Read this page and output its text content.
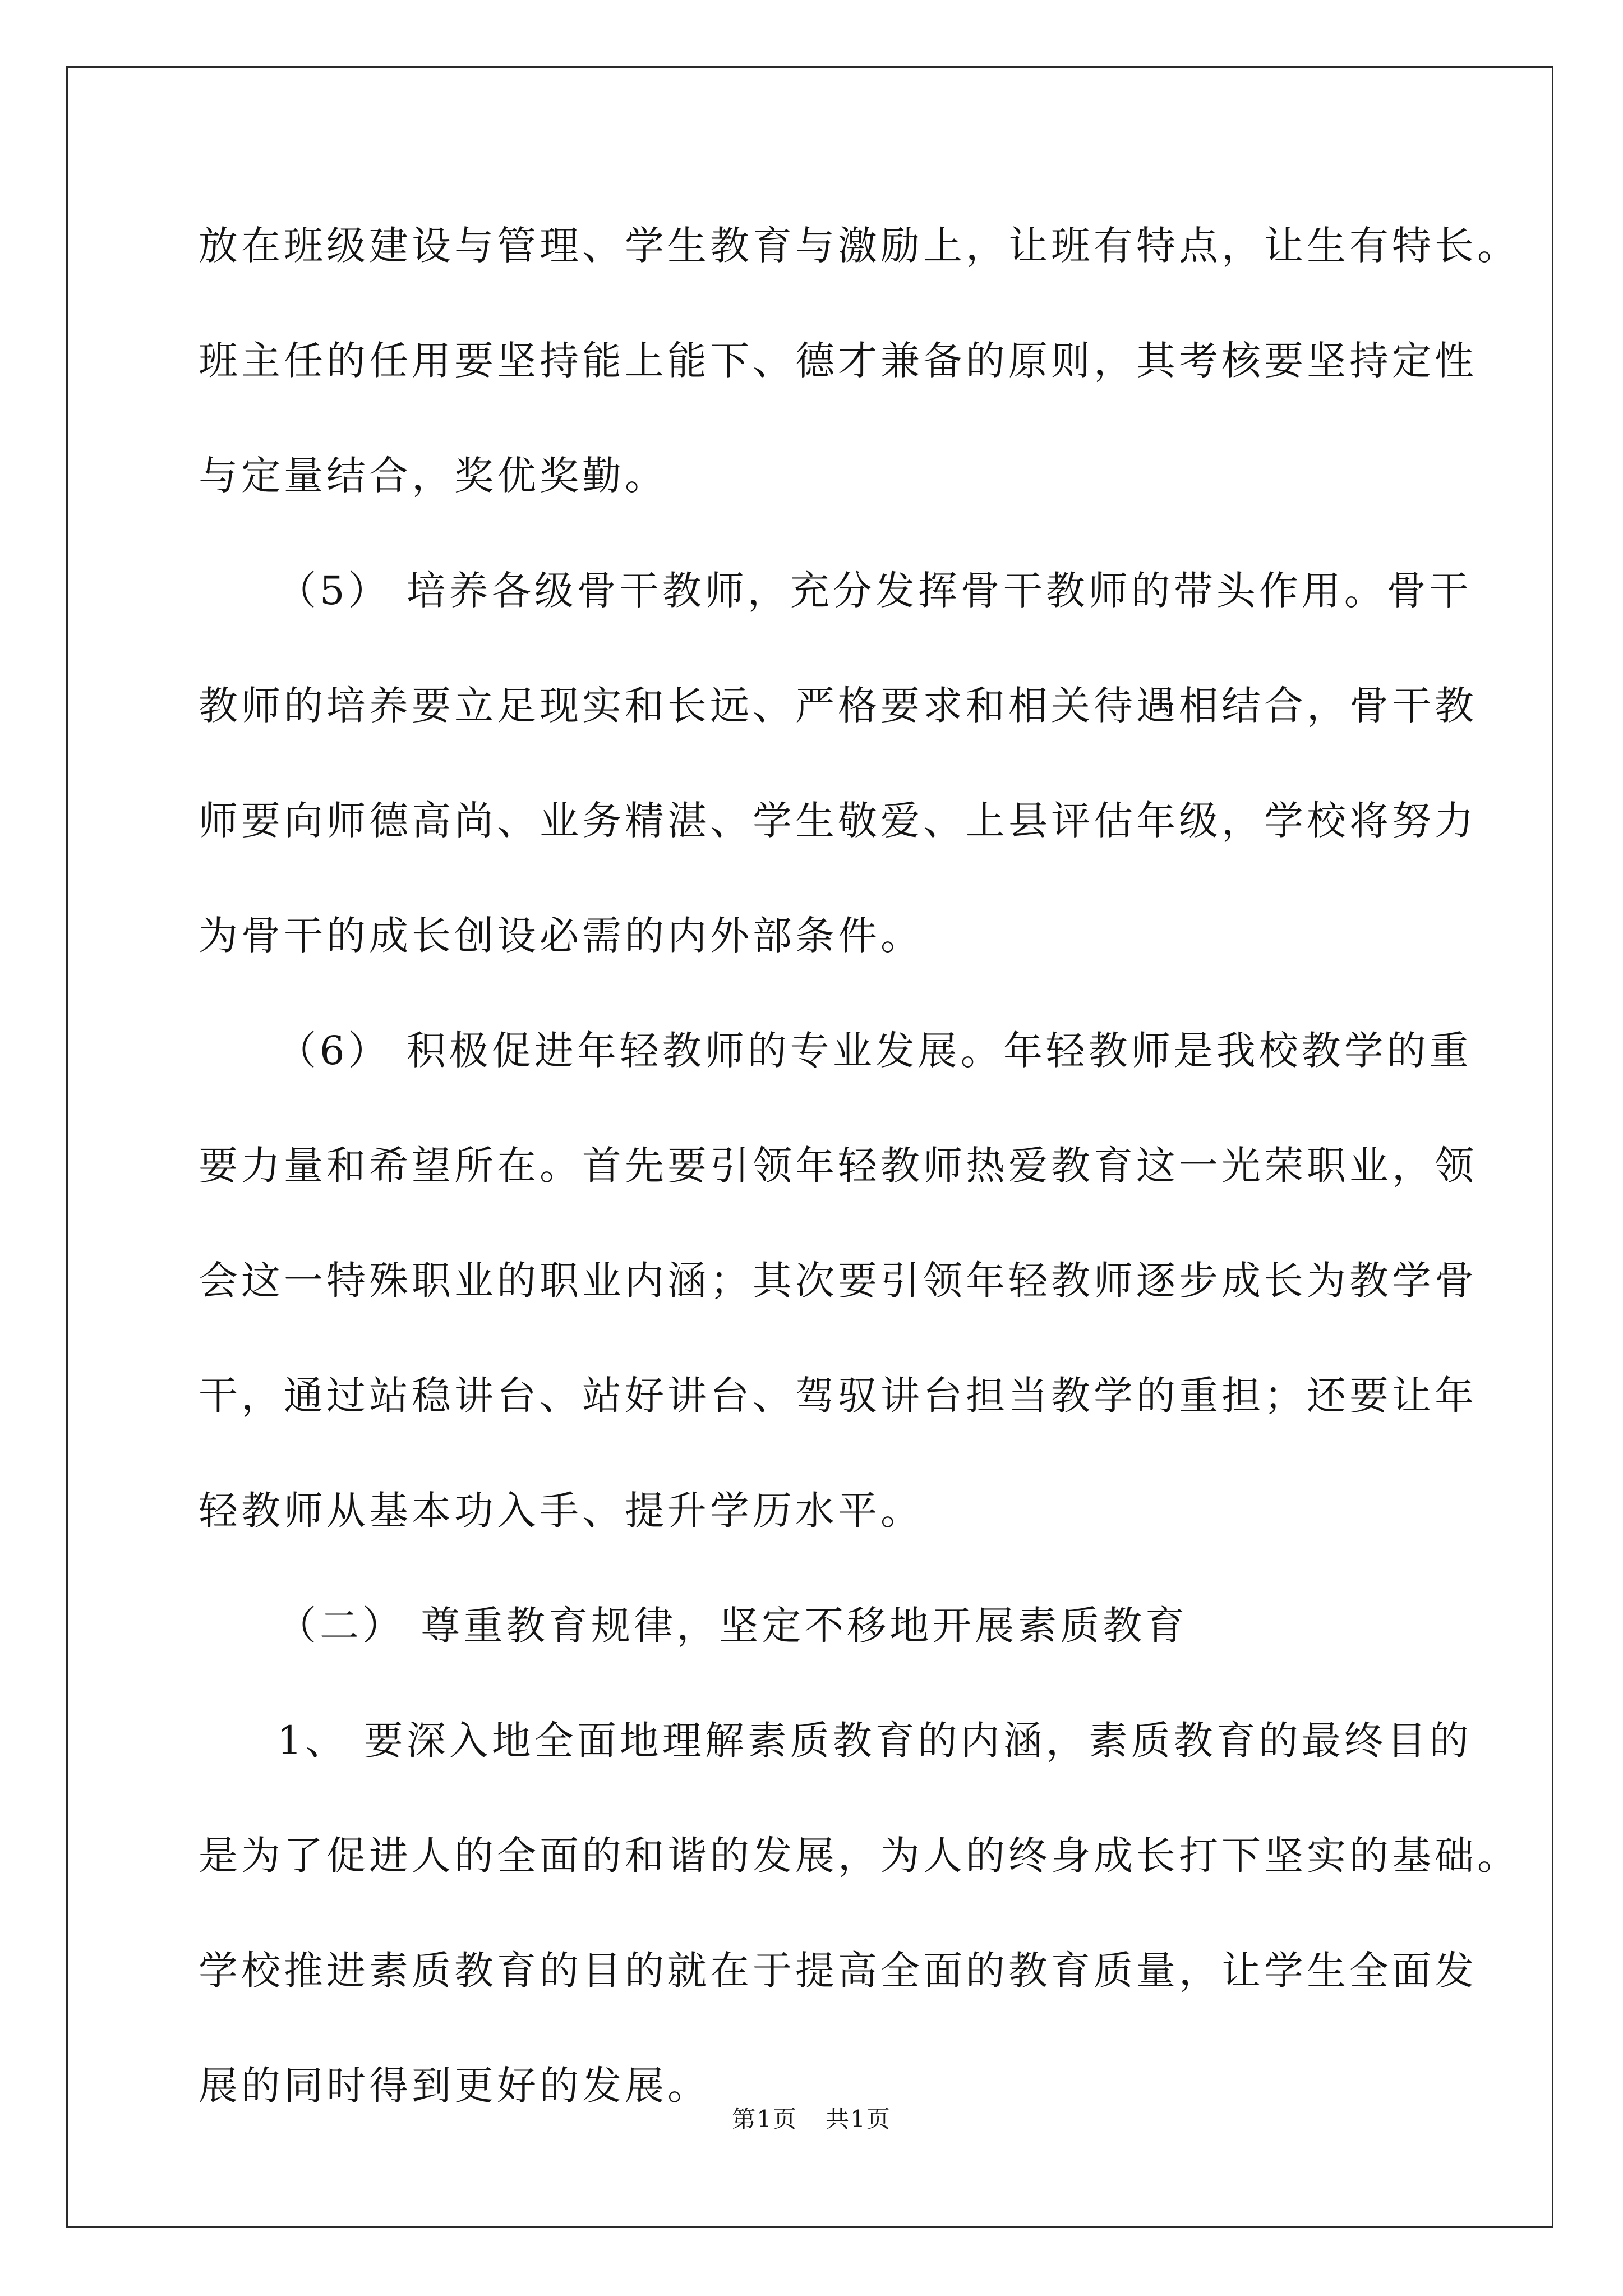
放在班级建设与管理、学生教育与激励上，让班有特点，让生有特长。
班主任的任用要坚持能上能下、德才兼备的原则，其考核要坚持定性
与定量结合，奖优奖勤。
（5） 培养各级骨干教师，充分发挥骨干教师的带头作用。骨干
教师的培养要立足现实和长远、严格要求和相关待遇相结合，骨干教
师要向师德高尚、业务精湛、学生敬爱、上县评估年级，学校将努力
为骨干的成长创设必需的内外部条件。
（6） 积极促进年轻教师的专业发展。年轻教师是我校教学的重
要力量和希望所在。首先要引领年轻教师热爱教育这一光荣职业，领
会这一特殊职业的职业内涵；其次要引领年轻教师逐步成长为教学骨
干，通过站稳讲台、站好讲台、驾驭讲台担当教学的重担；还要让年
轻教师从基本功入手、提升学历水平。
（二） 尊重教育规律，坚定不移地开展素质教育
1、 要深入地全面地理解素质教育的内涵，素质教育的最终目的
是为了促进人的全面的和谐的发展，为人的终身成长打下坚实的基础。
学校推进素质教育的目的就在于提高全面的教育质量，让学生全面发
展的同时得到更好的发展。
第1页 共1页
